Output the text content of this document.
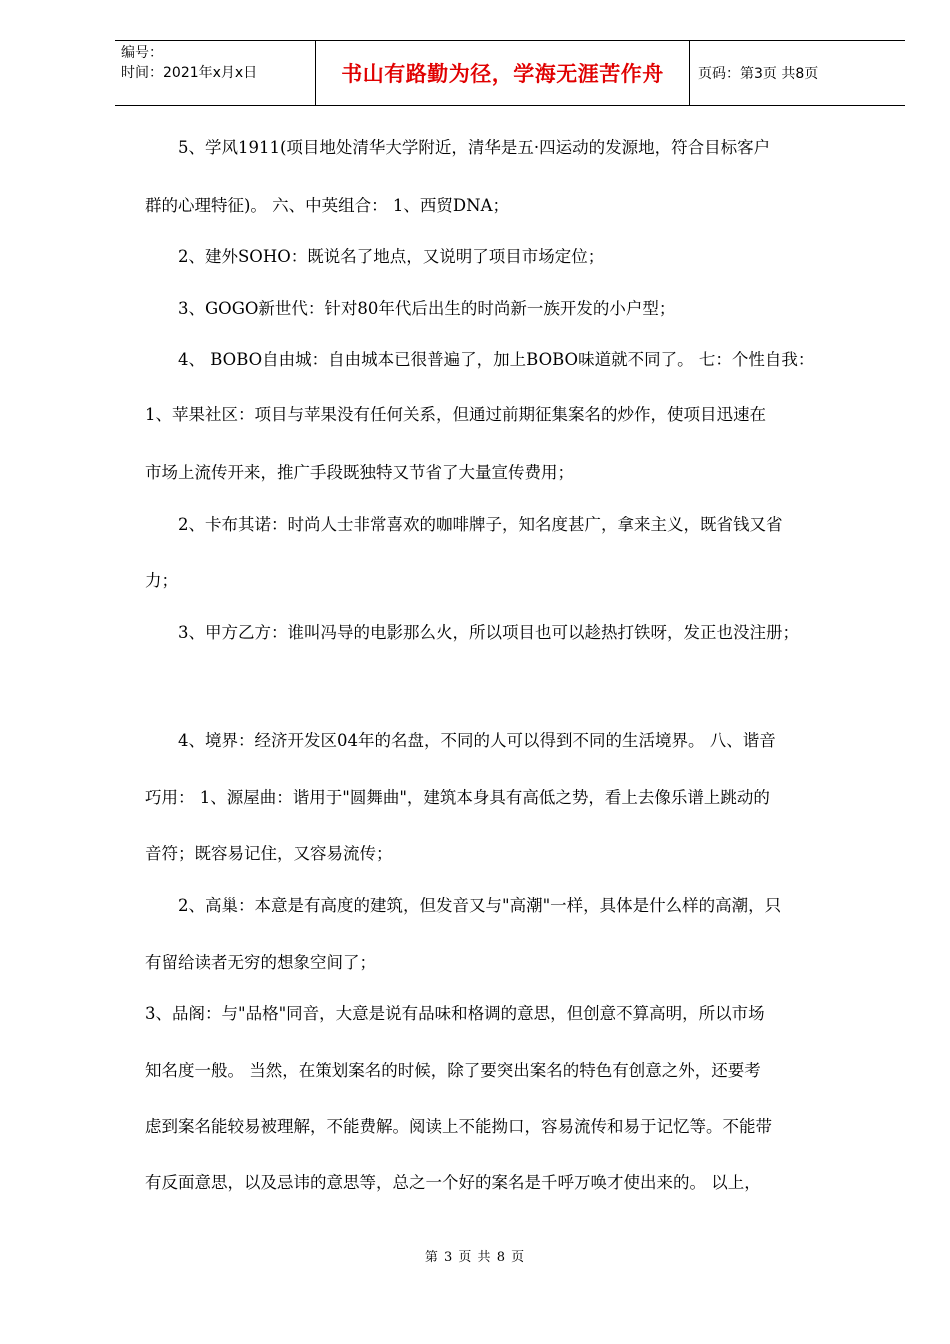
编号：
时间：2021年x月x日	书山有路勤为径，学海无涯苦作舟 页码：第3页 共8页
　　5、学风1911(项目地处清华大学附近，清华是五·四运动的发源地，符合目标客户
群的心理特征)。 六、中英组合： 1、西贸DNA；
　　2、建外SOHO：既说名了地点，又说明了项目市场定位；
　　3、GOGO新世代：针对80年代后出生的时尚新一族开发的小户型；
　　4、 BOBO自由城：自由城本已很普遍了，加上BOBO味道就不同了。 七：个性自我：
1、苹果社区：项目与苹果没有任何关系，但通过前期征集案名的炒作，使项目迅速在
市场上流传开来，推广手段既独特又节省了大量宣传费用；
　　2、卡布其诺：时尚人士非常喜欢的咖啡牌子，知名度甚广，拿来主义，既省钱又省
力；
　　3、甲方乙方：谁叫冯导的电影那么火，所以项目也可以趁热打铁呀，发正也没注册；
　　4、境界：经济开发区04年的名盘，不同的人可以得到不同的生活境界。 八、谐音
巧用： 1、源屋曲：谐用于"圆舞曲"，建筑本身具有高低之势，看上去像乐谱上跳动的
音符；既容易记住，又容易流传；
　　2、高巢：本意是有高度的建筑，但发音又与"高潮"一样，具体是什么样的高潮，只
有留给读者无穷的想象空间了；
3、品阁：与"品格"同音，大意是说有品味和格调的意思，但创意不算高明，所以市场
知名度一般。 当然，在策划案名的时候，除了要突出案名的特色有创意之外，还要考
虑到案名能较易被理解，不能费解。阅读上不能拗口，容易流传和易于记忆等。不能带
有反面意思，以及忌讳的意思等，总之一个好的案名是千呼万唤才使出来的。 以上，
第 3 页 共 8 页
